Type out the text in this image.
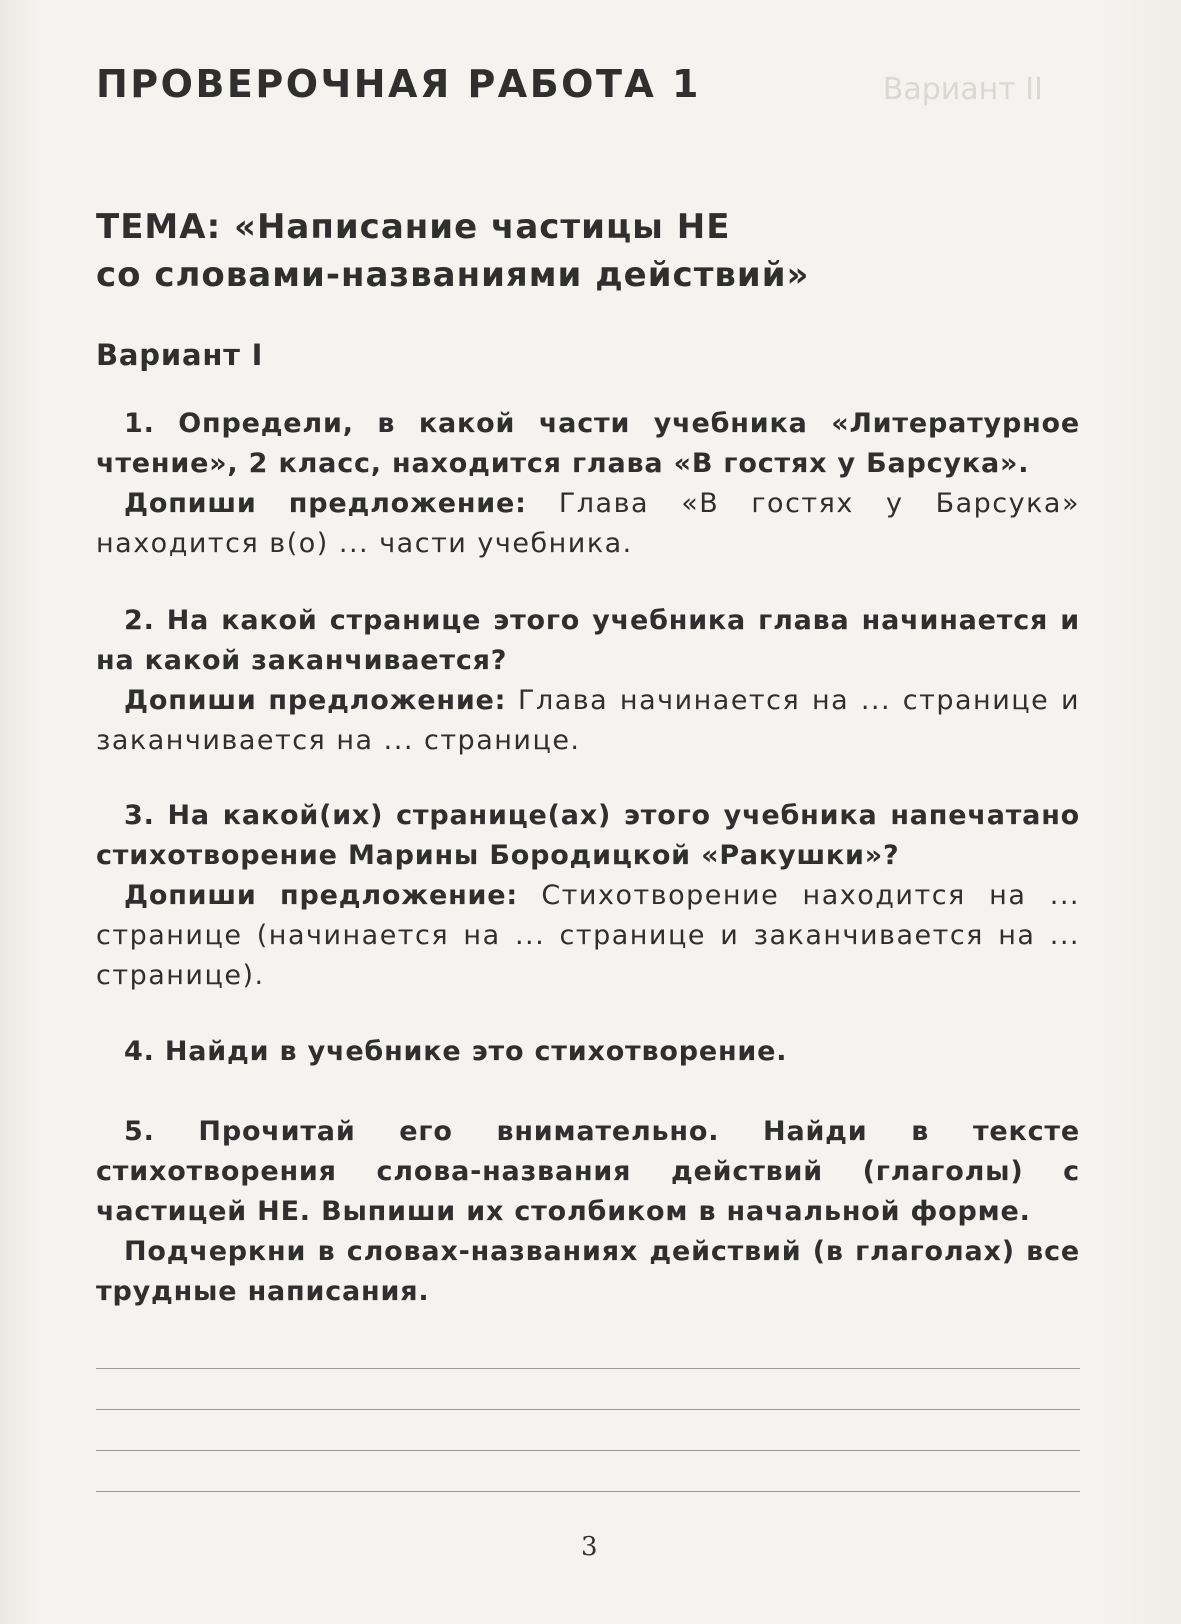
Вариант II
ПРОВЕРОЧНАЯ РАБОТА 1
ТЕМА: «Написание частицы НЕ
со словами-названиями действий»
Вариант I

1. Определи, в какой части учебника «Литературное чтение», 2 класс, находится глава «В гостях у Барсука».

Допиши предложение: Глава «В гостях у Барсука» находится в(о) ... части учебника.

2. На какой странице этого учебника глава начинается и на какой заканчивается?

Допиши предложение: Глава начинается на ... странице и заканчивается на ... странице.

3. На какой(их) странице(ах) этого учебника напечатано стихотворение Марины Бородицкой «Ракушки»?

Допиши предложение: Стихотворение находится на ... странице (начинается на ... странице и заканчивается на ... странице).

4. Найди в учебнике это стихотворение.

5. Прочитай его внимательно. Найди в тексте стихотворения слова-названия действий (глаголы) с частицей НЕ. Выпиши их столбиком в начальной форме.

Подчеркни в словах-названиях действий (в глаголах) все трудные написания.

3
